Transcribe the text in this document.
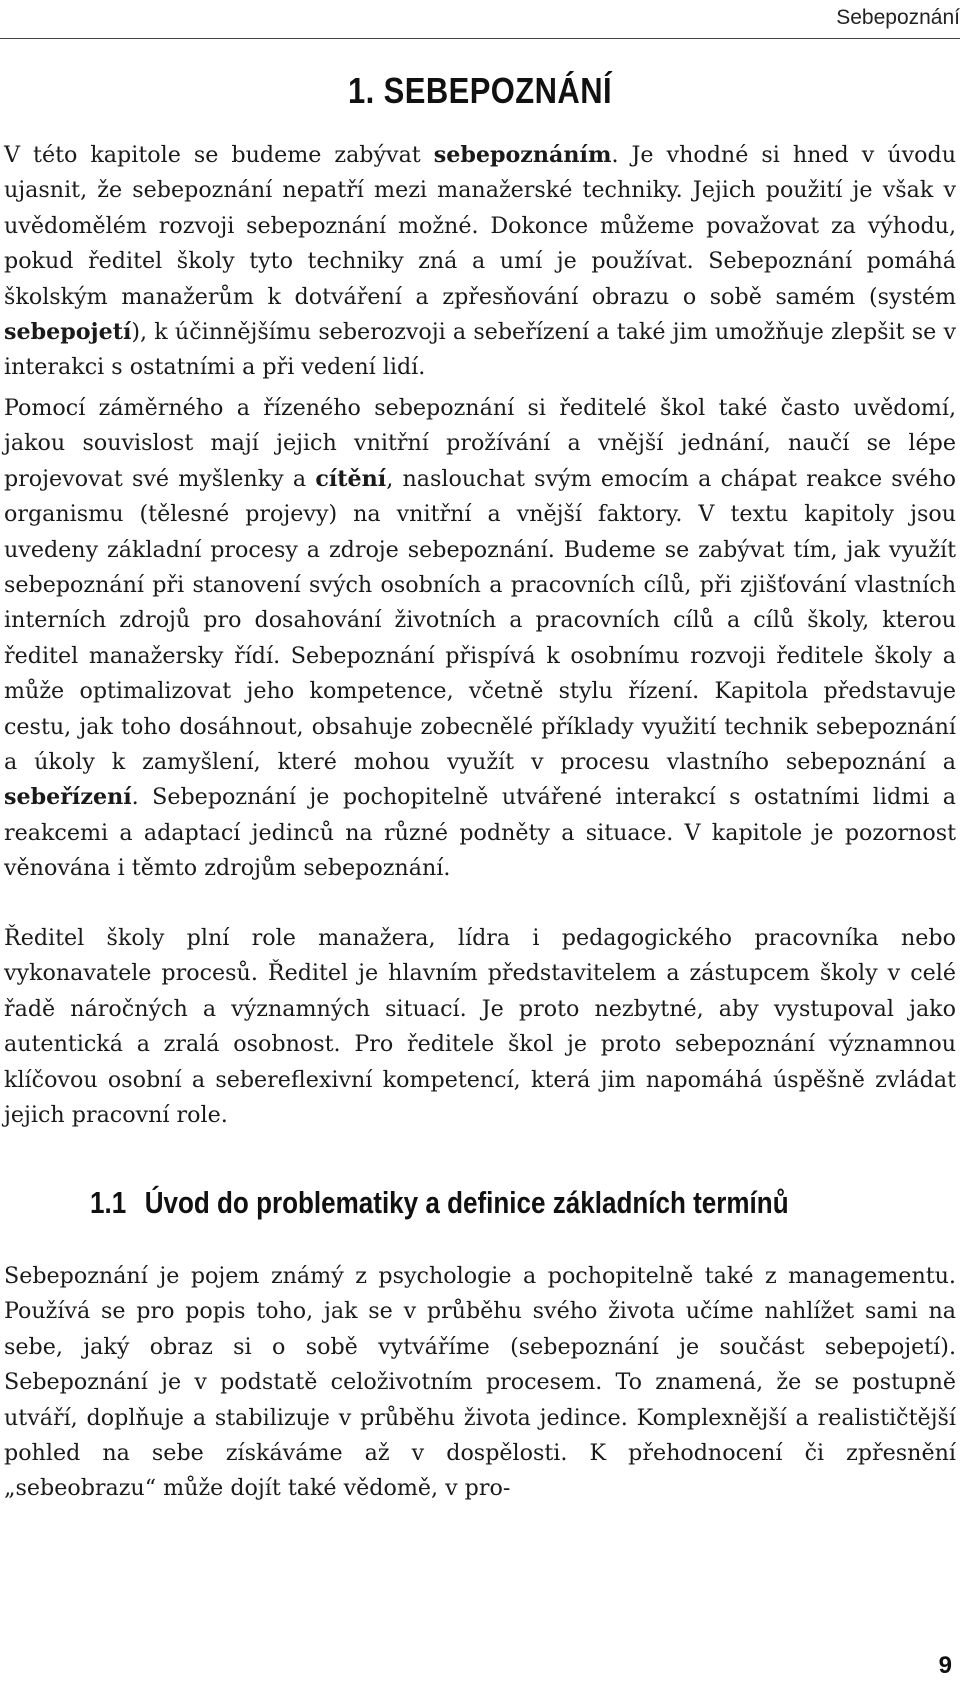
Sebepoznání
1. SEBEPOZNÁNÍ

V této kapitole se budeme zabývat sebepoznáním. Je vhodné si hned v úvodu ujasnit, že sebepoznání nepatří mezi manažerské techniky. Jejich použití je však v uvědomělém rozvoji sebepoznání možné. Dokonce můžeme považovat za výhodu, pokud ředitel školy tyto techniky zná a umí je používat. Sebepoznání pomáhá školským manažerům k dotváření a zpřesňování obrazu o sobě samém (systém sebepojetí), k účinnějšímu seberozvoji a sebeřízení a také jim umožňuje zlepšit se v interakci s ostatními a při vedení lidí.

Pomocí záměrného a řízeného sebepoznání si ředitelé škol také často uvědomí, jakou souvislost mají jejich vnitřní prožívání a vnější jednání, naučí se lépe projevovat své myšlenky a cítění, naslouchat svým emocím a chápat reakce svého organismu (tělesné projevy) na vnitřní a vnější faktory. V textu kapitoly jsou uvedeny základní procesy a zdroje sebepoznání. Budeme se zabývat tím, jak využít sebepoznání při stanovení svých osobních a pracovních cílů, při zjišťování vlastních interních zdrojů pro dosahování životních a pracovních cílů a cílů školy, kterou ředitel manažersky řídí. Sebepoznání přispívá k osobnímu rozvoji ředitele školy a může optimalizovat jeho kompetence, včetně stylu řízení. Kapitola představuje cestu, jak toho dosáhnout, obsahuje zobecnělé příklady využití technik sebepoznání a úkoly k zamyšlení, které mohou využít v procesu vlastního sebepoznání a sebeřízení. Sebepoznání je pochopitelně utvářené interakcí s ostatními lidmi a reakcemi a adaptací jedinců na různé podněty a situace. V kapitole je pozornost věnována i těmto zdrojům sebepoznání.

Ředitel školy plní role manažera, lídra i pedagogického pracovníka nebo vykonavatele procesů. Ředitel je hlavním představitelem a zástupcem školy v celé řadě náročných a významných situací. Je proto nezbytné, aby vystupoval jako autentická a zralá osobnost. Pro ředitele škol je proto sebepoznání významnou klíčovou osobní a sebereflexivní kompetencí, která jim napomáhá úspěšně zvládat jejich pracovní role.

1.1 Úvod do problematiky a definice základních termínů

Sebepoznání je pojem známý z psychologie a pochopitelně také z managementu. Používá se pro popis toho, jak se v průběhu svého života učíme nahlížet sami na sebe, jaký obraz si o sobě vytváříme (sebepoznání je součást sebepojetí). Sebepoznání je v podstatě celoživotním procesem. To znamená, že se postupně utváří, doplňuje a stabilizuje v průběhu života jedince. Komplexnější a realističtější pohled na sebe získáváme až v dospělosti. K přehodnocení či zpřesnění „sebeobrazu“ může dojít také vědomě, v pro-

9
